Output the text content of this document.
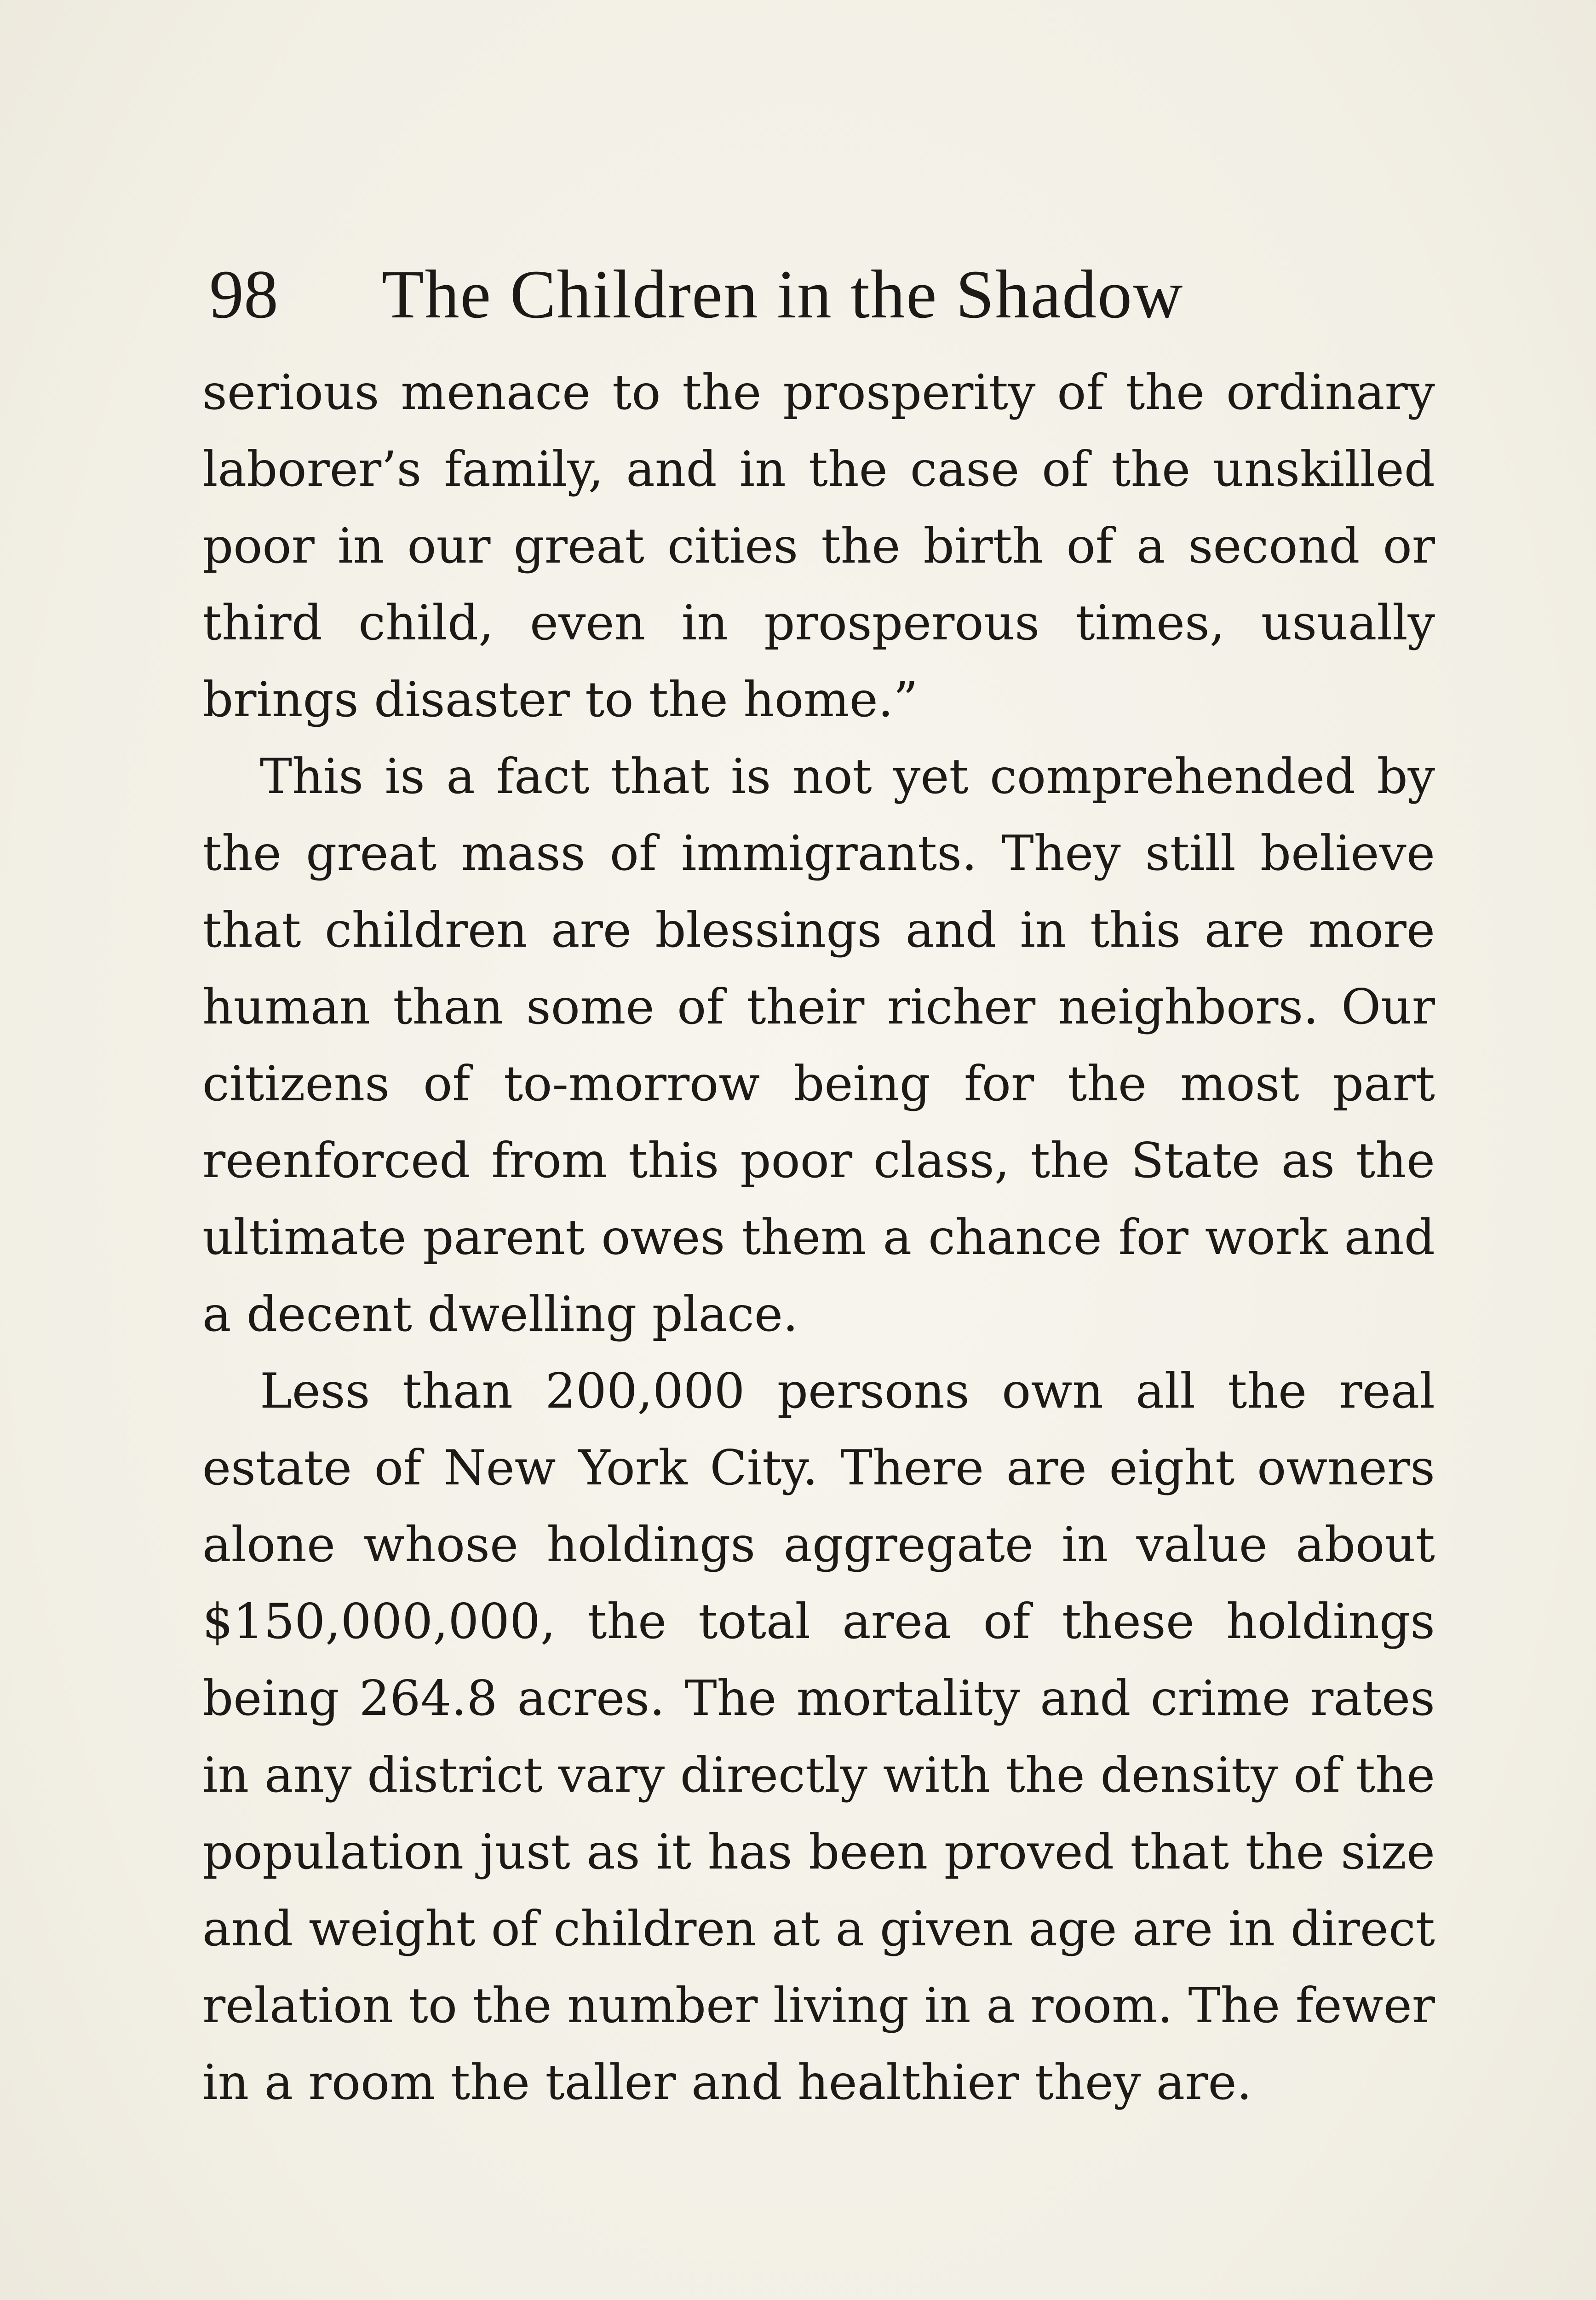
98 The Children in the Shadow

serious menace to the prosperity of the ordinary laborer’s family, and in the case of the unskilled poor in our great cities the birth of a second or third child, even in prosperous times, usually brings disaster to the home.”

This is a fact that is not yet comprehended by the great mass of immigrants. They still believe that children are blessings and in this are more human than some of their richer neighbors. Our citizens of to-morrow being for the most part reenforced from this poor class, the State as the ultimate parent owes them a chance for work and a decent dwelling place.

Less than 200,000 persons own all the real estate of New York City. There are eight owners alone whose holdings aggregate in value about $150,000,000, the total area of these holdings being 264.8 acres. The mortality and crime rates in any district vary directly with the density of the population just as it has been proved that the size and weight of children at a given age are in direct relation to the number living in a room. The fewer in a room the taller and healthier they are.
